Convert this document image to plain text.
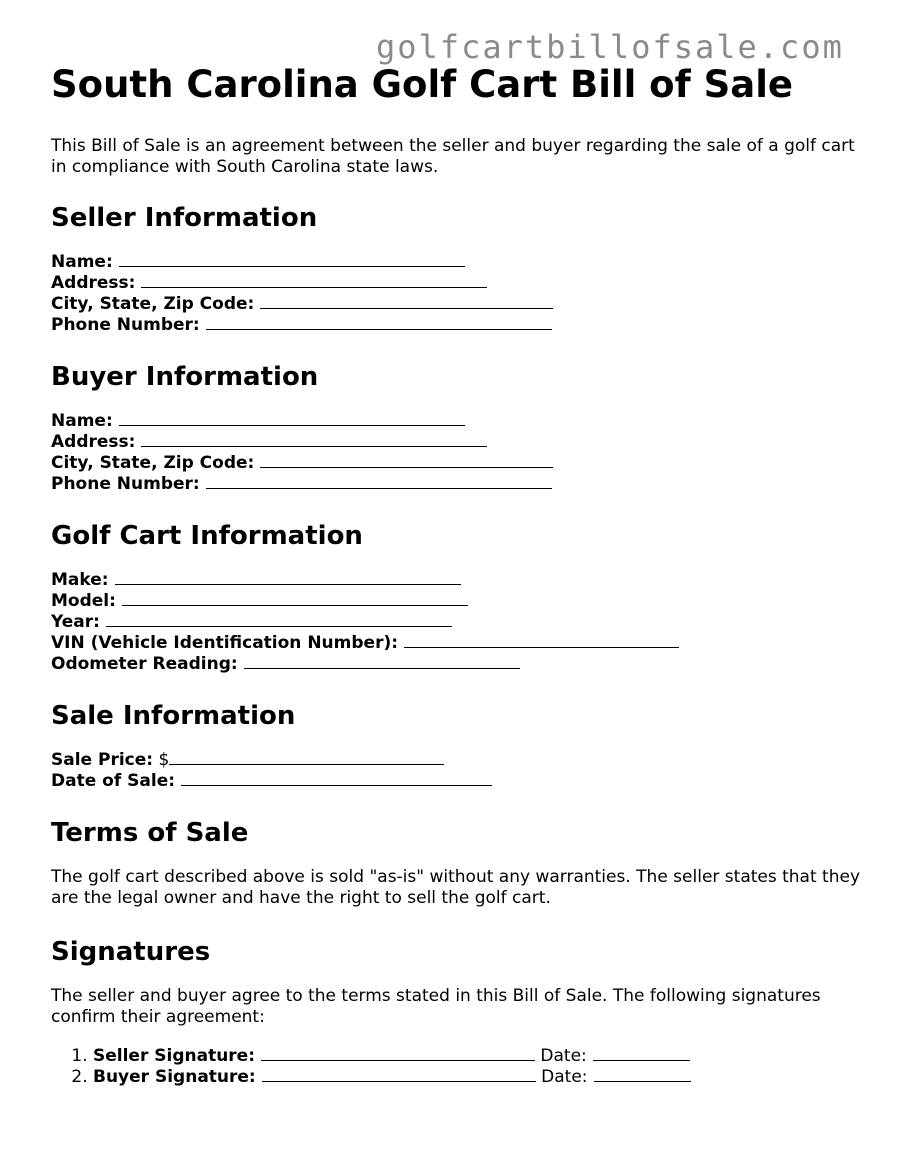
golfcartbillofsale.com
South Carolina Golf Cart Bill of Sale

This Bill of Sale is an agreement between the seller and buyer regarding the sale of a golf cart in compliance with South Carolina state laws.

Seller Information
Name:
Address:
City, State, Zip Code:
Phone Number:
Buyer Information
Name:
Address:
City, State, Zip Code:
Phone Number:
Golf Cart Information
Make:
Model:
Year:
VIN (Vehicle Identification Number):
Odometer Reading:
Sale Information
Sale Price: $
Date of Sale:
Terms of Sale

The golf cart described above is sold "as-is" without any warranties. The seller states that they are the legal owner and have the right to sell the golf cart.

Signatures

The seller and buyer agree to the terms stated in this Bill of Sale. The following signatures confirm their agreement:

1. Seller Signature:	Date:
2. Buyer Signature:	Date:
